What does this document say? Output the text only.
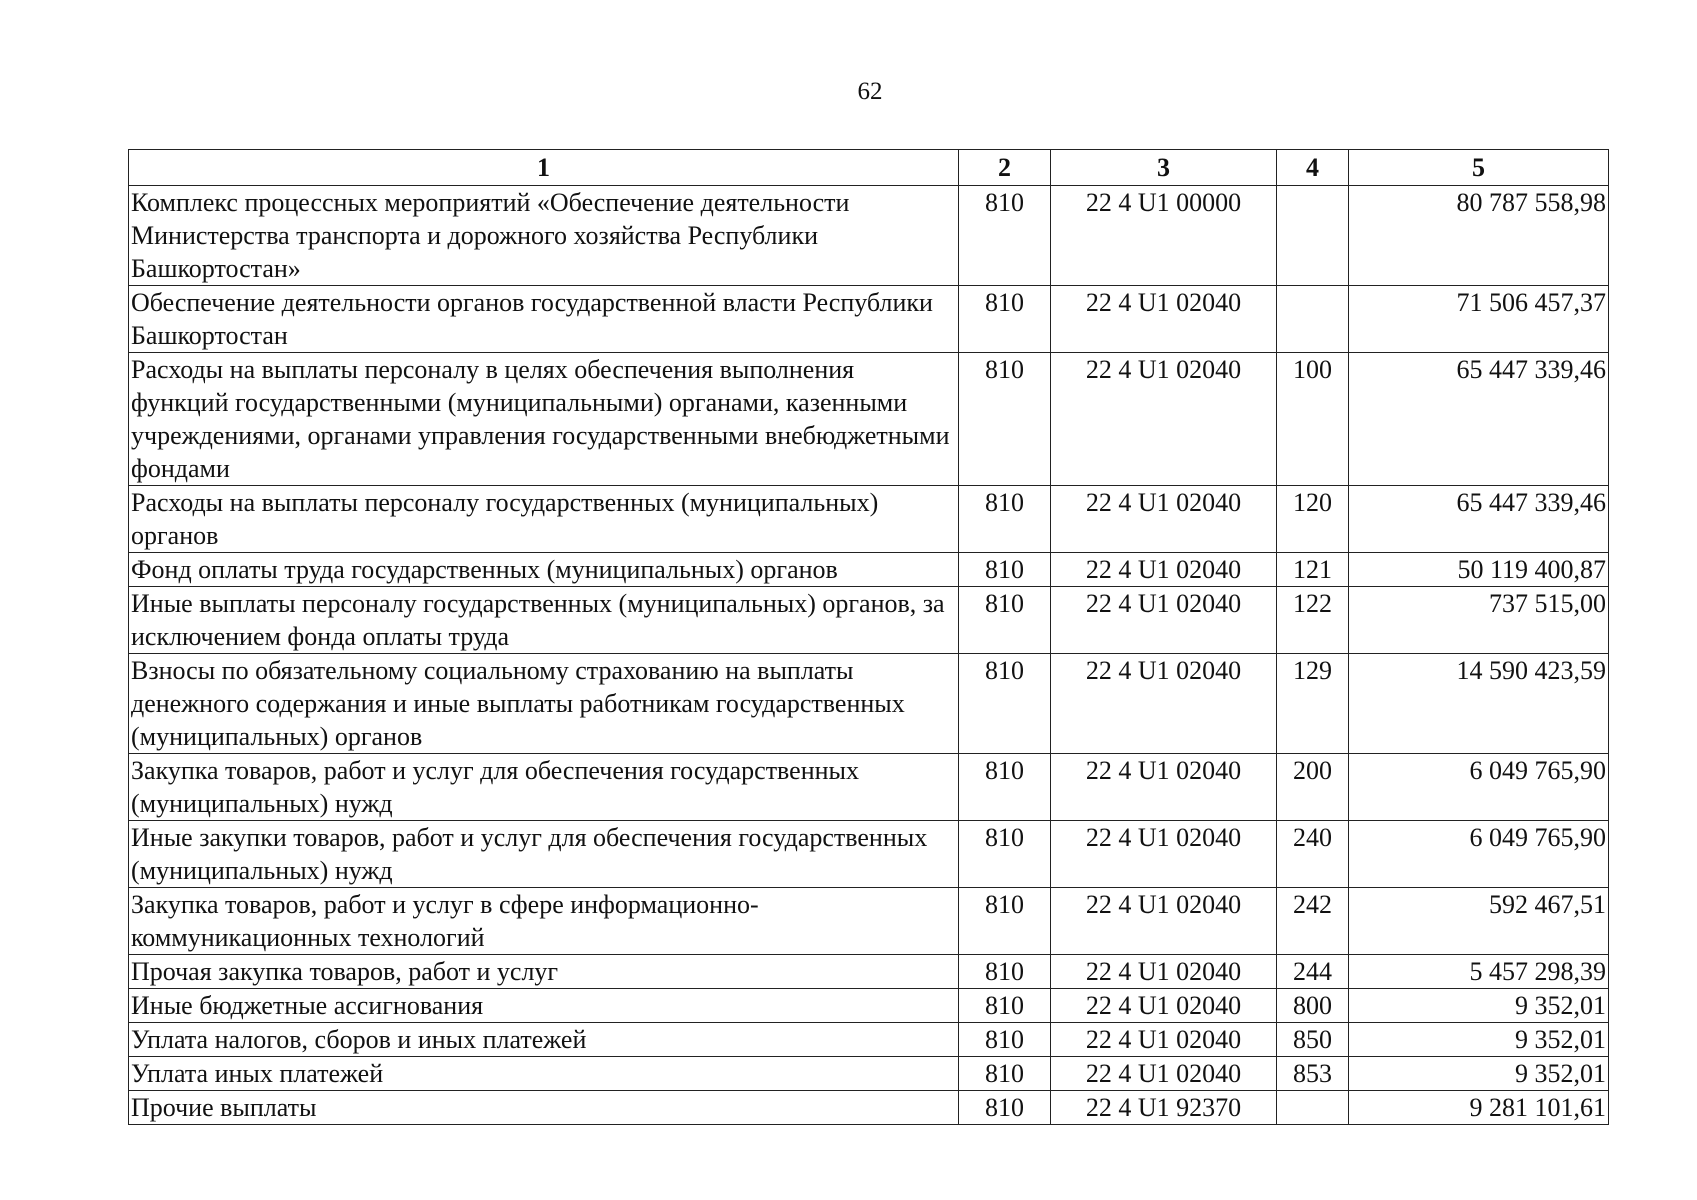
62
1	2	3	4	5
Комплекс процессных мероприятий «Обеспечение деятельности Министерства транспорта и дорожного хозяйства Республики Башкортостан»	810	22 4 U1 00000		80 787 558,98
Обеспечение деятельности органов государственной власти Республики Башкортостан	810	22 4 U1 02040		71 506 457,37
Расходы на выплаты персоналу в целях обеспечения выполнения функций государственными (муниципальными) органами, казенными учреждениями, органами управления государственными внебюджетными фондами	810	22 4 U1 02040	100	65 447 339,46
Расходы на выплаты персоналу государственных (муниципальных) органов	810	22 4 U1 02040	120	65 447 339,46
Фонд оплаты труда государственных (муниципальных) органов	810	22 4 U1 02040	121	50 119 400,87
Иные выплаты персоналу государственных (муниципальных) органов, за исключением фонда оплаты труда	810	22 4 U1 02040	122	737 515,00
Взносы по обязательному социальному страхованию на выплаты денежного содержания и иные выплаты работникам государственных (муниципальных) органов	810	22 4 U1 02040	129	14 590 423,59
Закупка товаров, работ и услуг для обеспечения государственных (муниципальных) нужд	810	22 4 U1 02040	200	6 049 765,90
Иные закупки товаров, работ и услуг для обеспечения государственных (муниципальных) нужд	810	22 4 U1 02040	240	6 049 765,90
Закупка товаров, работ и услуг в сфере информационно-коммуникационных технологий	810	22 4 U1 02040	242	592 467,51
Прочая закупка товаров, работ и услуг	810	22 4 U1 02040	244	5 457 298,39
Иные бюджетные ассигнования	810	22 4 U1 02040	800	9 352,01
Уплата налогов, сборов и иных платежей	810	22 4 U1 02040	850	9 352,01
Уплата иных платежей	810	22 4 U1 02040	853	9 352,01
Прочие выплаты	810	22 4 U1 92370		9 281 101,61
